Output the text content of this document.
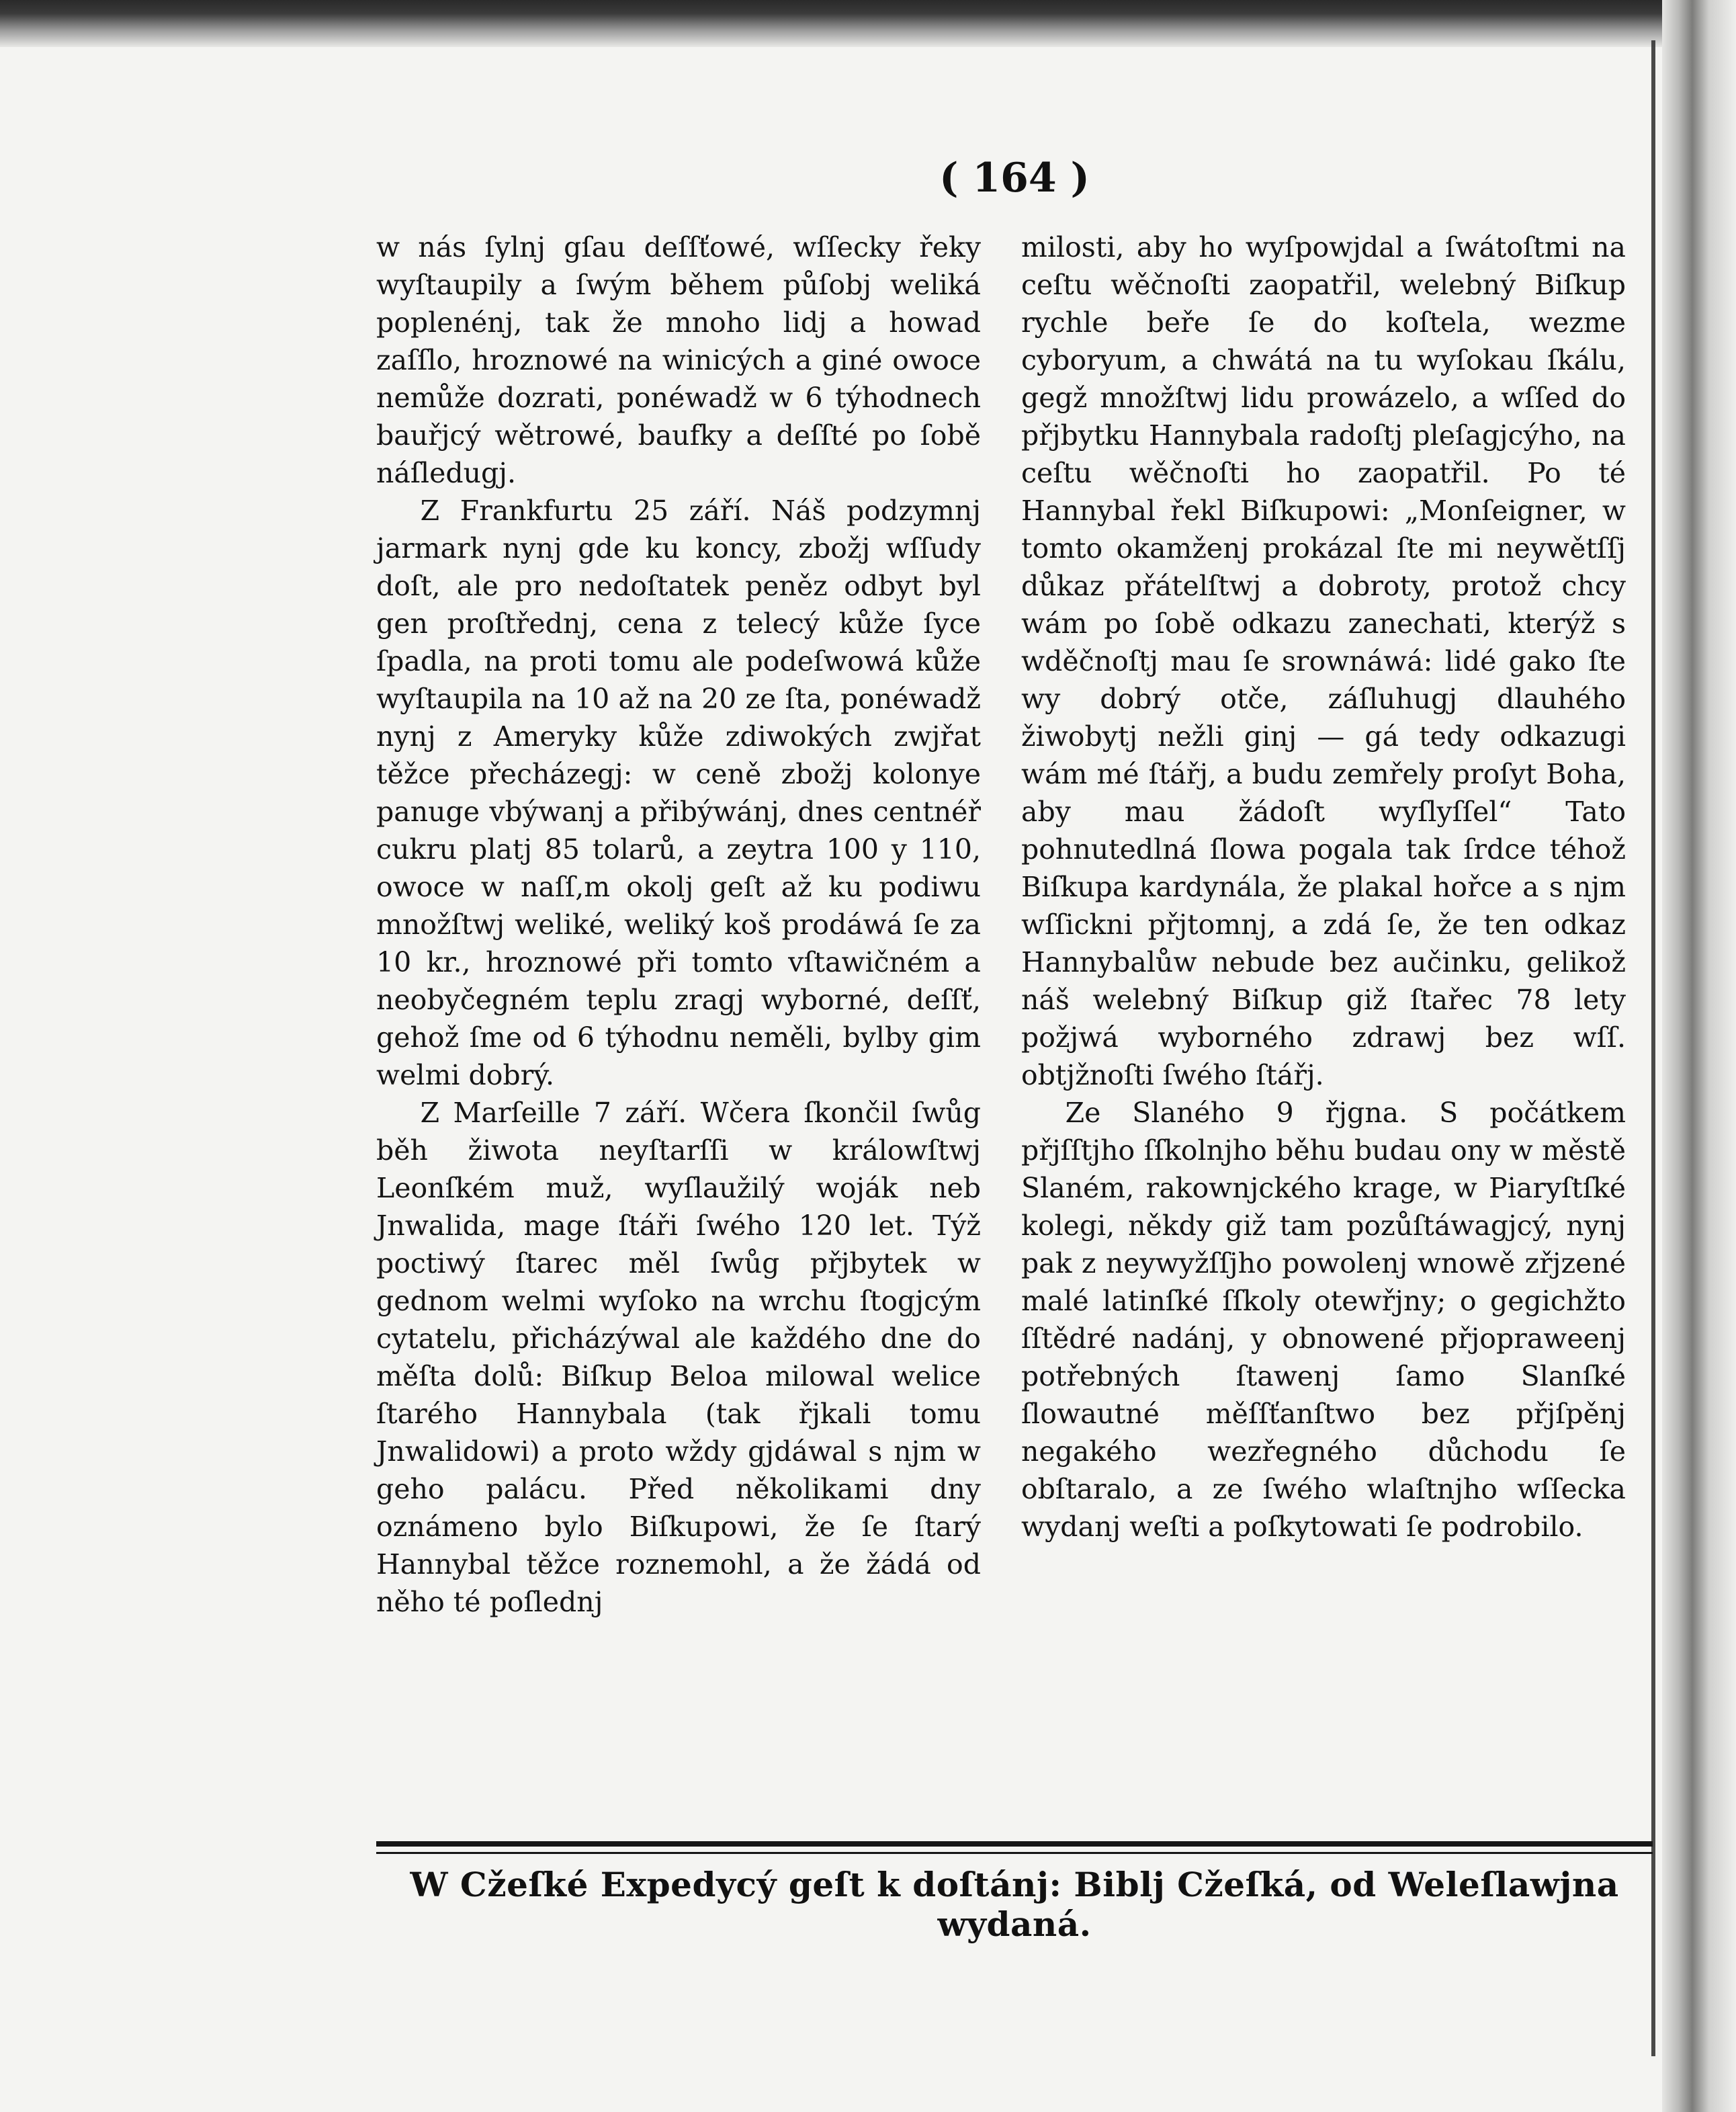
( 164 )

w nás ſylnj gſau deſſťowé, wſſecky řeky wyſtaupily a ſwým během půſobj weliká poplenénj, tak že mnoho lidj a howad zaſſlo, hroznowé na winicých a giné owoce nemůže dozrati, ponéwadž w 6 týhodnech bauřjcý wětrowé, baufky a deſſté po ſobě náſledugj.

Z Frankfurtu 25 září. Náš podzymnj jarmark nynj gde ku koncy, zbožj wſſudy doſt, ale pro nedoſtatek peněz odbyt byl gen proſtřednj, cena z telecý kůže ſyce ſpadla, na proti tomu ale podeſwowá kůže wyſtaupila na 10 až na 20 ze ſta, ponéwadž nynj z Ameryky kůže zdiwokých zwjřat těžce přecházegj: w ceně zbožj kolonye panuge vbýwanj a přibýwánj, dnes centnéř cukru platj 85 tolarů, a zeytra 100 y 110, owoce w naſſ,m okolj geſt až ku podiwu množſtwj weliké, weliký koš prodáwá ſe za 10 kr., hroznowé při tomto vſtawičném a neobyčegném teplu zragj wyborné, deſſť, gehož ſme od 6 týhodnu neměli, bylby gim welmi dobrý.

Z Marſeille 7 září. Wčera ſkončil ſwůg běh žiwota neyſtarſſi w králowſtwj Leonſkém muž, wyſlaužilý woják neb Jnwalida, mage ſtáři ſwého 120 let. Týž poctiwý ſtarec měl ſwůg přjbytek w gednom welmi wyſoko na wrchu ſtogjcým cytatelu, přicházýwal ale každého dne do měſta dolů: Biſkup Beloa milowal welice ſtarého Hannybala (tak řjkali tomu Jnwalidowi) a proto wždy gjdáwal s njm w geho palácu. Před několikami dny oznámeno bylo Biſkupowi, že ſe ſtarý Hannybal těžce roznemohl, a že žádá od něho té poſlednj

milosti, aby ho wyſpowjdal a ſwátoſtmi na ceſtu wěčnoſti zaopatřil, welebný Biſkup rychle beře ſe do koſtela, wezme cyboryum, a chwátá na tu wyſokau ſkálu, gegž množſtwj lidu prowázelo, a wſſed do přjbytku Hannybala radoſtj pleſagjcýho, na ceſtu wěčnoſti ho zaopatřil. Po té Hannybal řekl Biſkupowi: „Monſeigner, w tomto okamženj prokázal ſte mi neywětſſj důkaz přátelſtwj a dobroty, protož chcy wám po ſobě odkazu zanechati, kterýž s wděčnoſtj mau ſe srownáwá: lidé gako ſte wy dobrý otče, záſluhugj dlauhého žiwobytj nežli ginj — gá tedy odkazugi wám mé ſtářj, a budu zemřely proſyt Boha, aby mau žádoſt wyſlyſſel“ Tato pohnutedlná ſlowa pogala tak ſrdce téhož Biſkupa kardynála, že plakal hořce a s njm wſſickni přjtomnj, a zdá ſe, že ten odkaz Hannybalůw nebude bez aučinku, gelikož náš welebný Biſkup giž ſtařec 78 lety požjwá wyborného zdrawj bez wſſ. obtjžnoſti ſwého ſtářj.

Ze Slaného 9 řjgna. S počátkem přjſſtjho ſſkolnjho běhu budau ony w městě Slaném, rakownjckého krage, w Piaryſtſké kolegi, někdy giž tam pozůſtáwagjcý, nynj pak z neywyžſſjho powolenj wnowě zřjzené malé latinſké ſſkoly otewřjny; o gegichžto ſſtědré nadánj, y obnowené přjopraweenj potřebných ſtawenj ſamo Slanſké ſlowautné měſſťanſtwo bez přjſpěnj negakého wezřegného důchodu ſe obſtaralo, a ze ſwého wlaſtnjho wſſecka wydanj weſti a poſkytowati ſe podrobilo.

W Cžeſké Expedycý geſt k doſtánj: Biblj Cžeſká, od Weleſlawjna wydaná.
